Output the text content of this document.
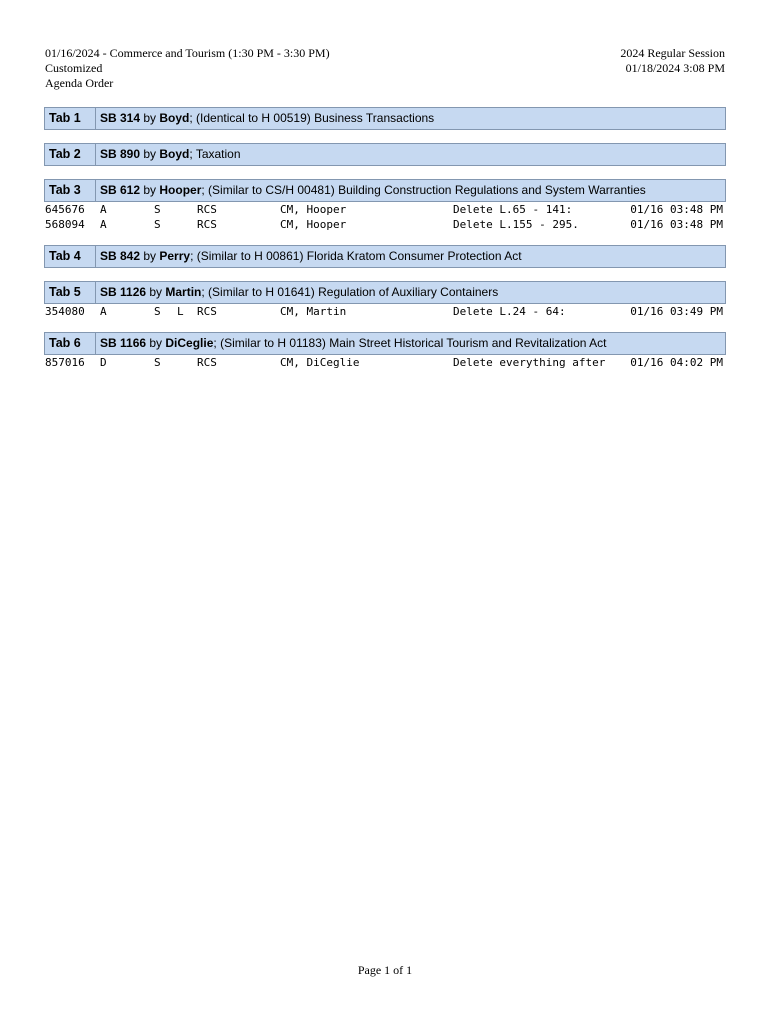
01/16/2024 - Commerce and Tourism (1:30 PM - 3:30 PM)
Customized
Agenda Order
2024 Regular Session
01/18/2024 3:08 PM
Tab 1	SB 314 by Boyd; (Identical to H 00519) Business Transactions
Tab 2	SB 890 by Boyd; Taxation
Tab 3	SB 612 by Hooper; (Similar to CS/H 00481) Building Construction Regulations and System Warranties
645676 A	S	RCS	CM, Hooper	Delete L.65 - 141:	01/16 03:48 PM
568094 A	S	RCS	CM, Hooper	Delete L.155 - 295.	01/16 03:48 PM
Tab 4	SB 842 by Perry; (Similar to H 00861) Florida Kratom Consumer Protection Act
Tab 5	SB 1126 by Martin; (Similar to H 01641) Regulation of Auxiliary Containers
354080 A	S L RCS	CM, Martin	Delete L.24 - 64:	01/16 03:49 PM
Tab 6	SB 1166 by DiCeglie; (Similar to H 01183) Main Street Historical Tourism and Revitalization Act
857016 D	S	RCS	CM, DiCeglie	Delete everything after 01/16 04:02 PM
Page 1 of 1
